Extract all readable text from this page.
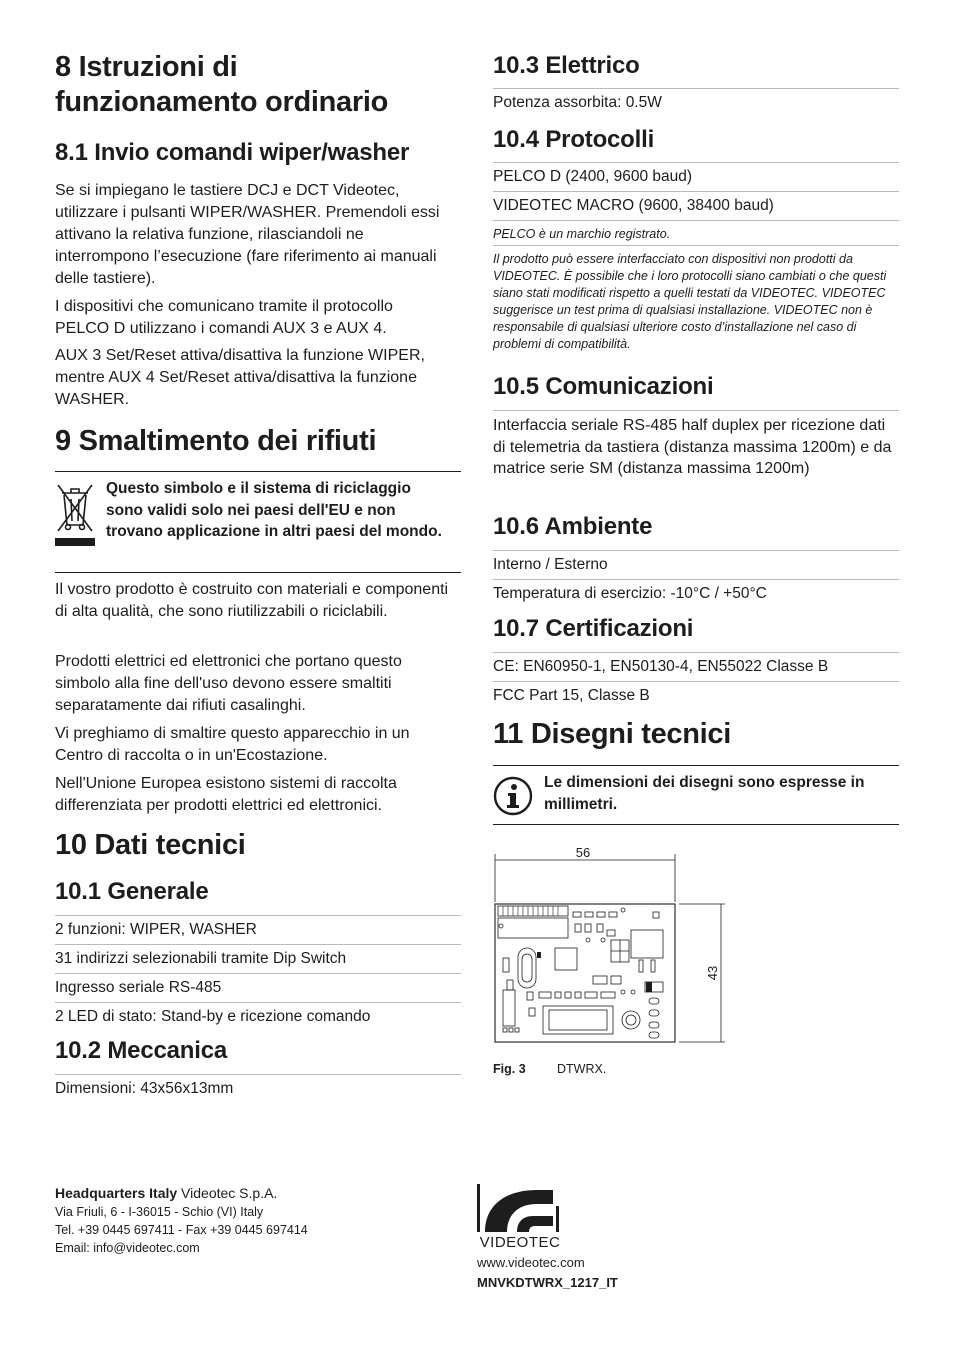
8 Istruzioni di
funzionamento ordinario
8.1 Invio comandi wiper/washer

Se si impiegano le tastiere DCJ e DCT Videotec, utilizzare i pulsanti WIPER/WASHER. Premendoli essi attivano la relativa funzione, rilasciandoli ne interrompono l’esecuzione (fare riferimento ai manuali delle tastiere).

I dispositivi che comunicano tramite il protocollo PELCO D utilizzano i comandi AUX 3 e AUX 4.

AUX 3 Set/Reset attiva/disattiva la funzione WIPER, mentre AUX 4 Set/Reset attiva/disattiva la funzione WASHER.

9 Smaltimento dei rifiuti
Questo simbolo e il sistema di riciclaggio sono validi solo nei paesi dell'EU e non trovano applicazione in altri paesi del mondo.

Il vostro prodotto è costruito con materiali e componenti di alta qualità, che sono riutilizzabili o riciclabili.

Prodotti elettrici ed elettronici che portano questo simbolo alla fine dell'uso devono essere smaltiti separatamente dai rifiuti casalinghi.

Vi preghiamo di smaltire questo apparecchio in un Centro di raccolta o in un'Ecostazione.

Nell'Unione Europea esistono sistemi di raccolta differenziata per prodotti elettrici ed elettronici.

10 Dati tecnici
10.1 Generale
2 funzioni: WIPER, WASHER
31 indirizzi selezionabili tramite Dip Switch
Ingresso seriale RS-485
2 LED di stato: Stand-by e ricezione comando
10.2 Meccanica
Dimensioni: 43x56x13mm
10.3 Elettrico
Potenza assorbita: 0.5W
10.4 Protocolli
PELCO D (2400, 9600 baud)
VIDEOTEC MACRO (9600, 38400 baud)
PELCO è un marchio registrato.
Il prodotto può essere interfacciato con dispositivi non prodotti da VIDEOTEC. È possibile che i loro protocolli siano cambiati o che questi siano stati modificati rispetto a quelli testati da VIDEOTEC. VIDEOTEC suggerisce un test prima di qualsiasi installazione. VIDEOTEC non è responsabile di qualsiasi ulteriore costo d’installazione nel caso di problemi di compatibilità.
10.5 Comunicazioni
Interfaccia seriale RS-485 half duplex per ricezione dati di telemetria da tastiera (distanza massima 1200m) e da matrice serie SM (distanza massima 1200m)
10.6 Ambiente
Interno / Esterno
Temperatura di esercizio: -10°C / +50°C
10.7 Certificazioni
CE: EN60950-1, EN50130-4, EN55022 Classe B
FCC Part 15, Classe B
11 Disegni tecnici
Le dimensioni dei disegni sono espresse in millimetri.
56
43
Fig. 3	DTWRX.
Headquarters Italy Videotec S.p.A.
Via Friuli, 6 - I-36015 - Schio (VI) Italy
Tel. +39 0445 697411 - Fax +39 0445 697414
Email: info@videotec.com	VIDEOTEC
www.videotec.com
MNVKDTWRX_1217_IT
